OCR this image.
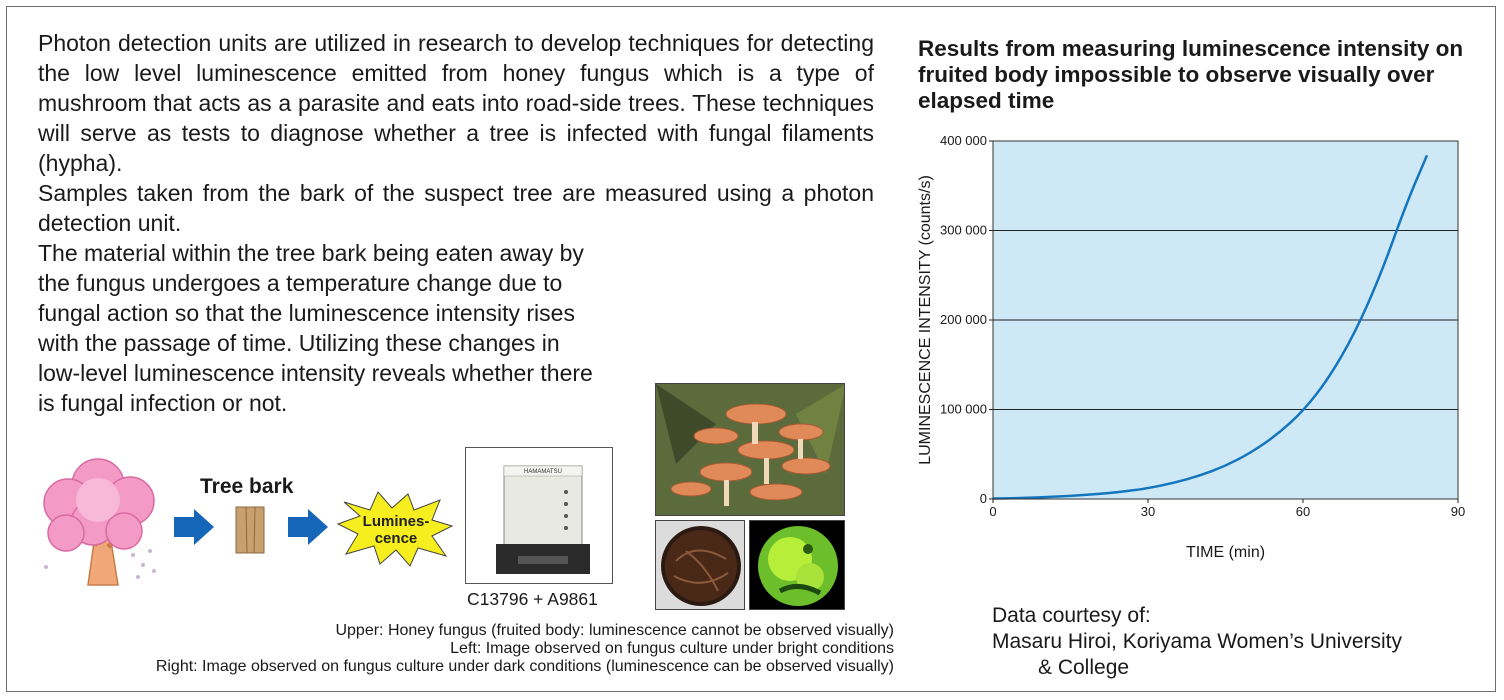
Photon detection units are utilized in research to develop techniques for detecting the low level luminescence emitted from honey fungus which is a type of mushroom that acts as a parasite and eats into road-side trees. These techniques will serve as tests to diagnose whether a tree is infected with fungal filaments (hypha).

Samples taken from the bark of the suspect tree are measured using a photon detection unit.

The material within the tree bark being eaten away by the fungus undergoes a temperature change due to fungal action so that the luminescence intensity rises with the passage of time. Utilizing these changes in low-level luminescence intensity reveals whether there is fungal infection or not.

Tree bark
Lumines-
cence
HAMAMATSU
C13796 + A9861
Upper: Honey fungus (fruited body: luminescence cannot be observed visually)
Left: Image observed on fungus culture under bright conditions
Right: Image observed on fungus culture under dark conditions (luminescence can be observed visually)
Results from measuring luminescence intensity on fruited body impossible to observe visually over elapsed time
0	30	60	90
0
100 000
200 000
300 000
400 000
TIME (min)
LUMINESCENCE INTENSITY (counts/s)
Data courtesy of:
Masaru Hiroi, Koriyama Women’s University
& College
